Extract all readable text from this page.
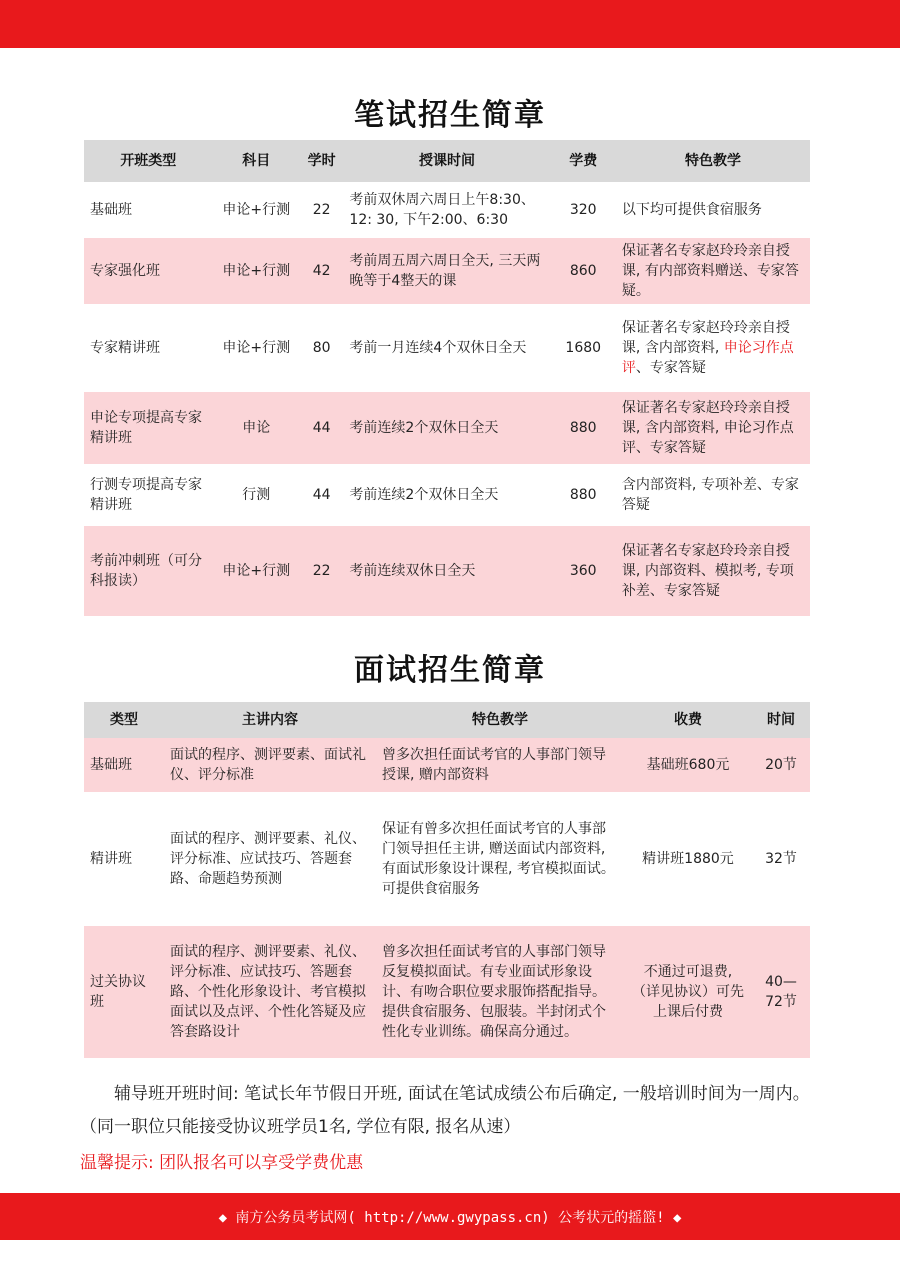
笔试招生简章
开班类型	科目	学时	授课时间	学费	特色教学
基础班	申论+行测	22	考前双休周六周日上午8:30、12: 30, 下午2:00、6:30	320	以下均可提供食宿服务
专家强化班	申论+行测	42	考前周五周六周日全天, 三天两晚等于4整天的课	860	保证著名专家赵玲玲亲自授课, 有内部资料赠送、专家答疑。
专家精讲班	申论+行测	80	考前一月连续4个双休日全天	1680	保证著名专家赵玲玲亲自授课, 含内部资料, 申论习作点评、专家答疑
申论专项提高专家精讲班	申论	44	考前连续2个双休日全天	880	保证著名专家赵玲玲亲自授课, 含内部资料, 申论习作点评、专家答疑
行测专项提高专家精讲班	行测	44	考前连续2个双休日全天	880	含内部资料, 专项补差、专家答疑
考前冲刺班（可分科报读）	申论+行测	22	考前连续双休日全天	360	保证著名专家赵玲玲亲自授课, 内部资料、模拟考, 专项补差、专家答疑
面试招生简章
类型	主讲内容	特色教学	收费	时间
基础班	面试的程序、测评要素、面试礼仪、评分标准	曾多次担任面试考官的人事部门领导授课, 赠内部资料	基础班680元	20节
精讲班	面试的程序、测评要素、礼仪、评分标准、应试技巧、答题套路、命题趋势预测	保证有曾多次担任面试考官的人事部门领导担任主讲, 赠送面试内部资料, 有面试形象设计课程, 考官模拟面试。可提供食宿服务	精讲班1880元	32节
过关协议班	面试的程序、测评要素、礼仪、评分标准、应试技巧、答题套路、个性化形象设计、考官模拟面试以及点评、个性化答疑及应答套路设计	曾多次担任面试考官的人事部门领导反复模拟面试。有专业面试形象设计、有吻合职位要求服饰搭配指导。提供食宿服务、包服装。半封闭式个性化专业训练。确保高分通过。	不通过可退费,（详见协议）可先上课后付费	40—72节
辅导班开班时间: 笔试长年节假日开班, 面试在笔试成绩公布后确定, 一般培训时间为一周内。（同一职位只能接受协议班学员1名, 学位有限, 报名从速）
温馨提示: 团队报名可以享受学费优惠
◆ 南方公务员考试网( http://www.gwypass.cn) 公考状元的摇篮! ◆
